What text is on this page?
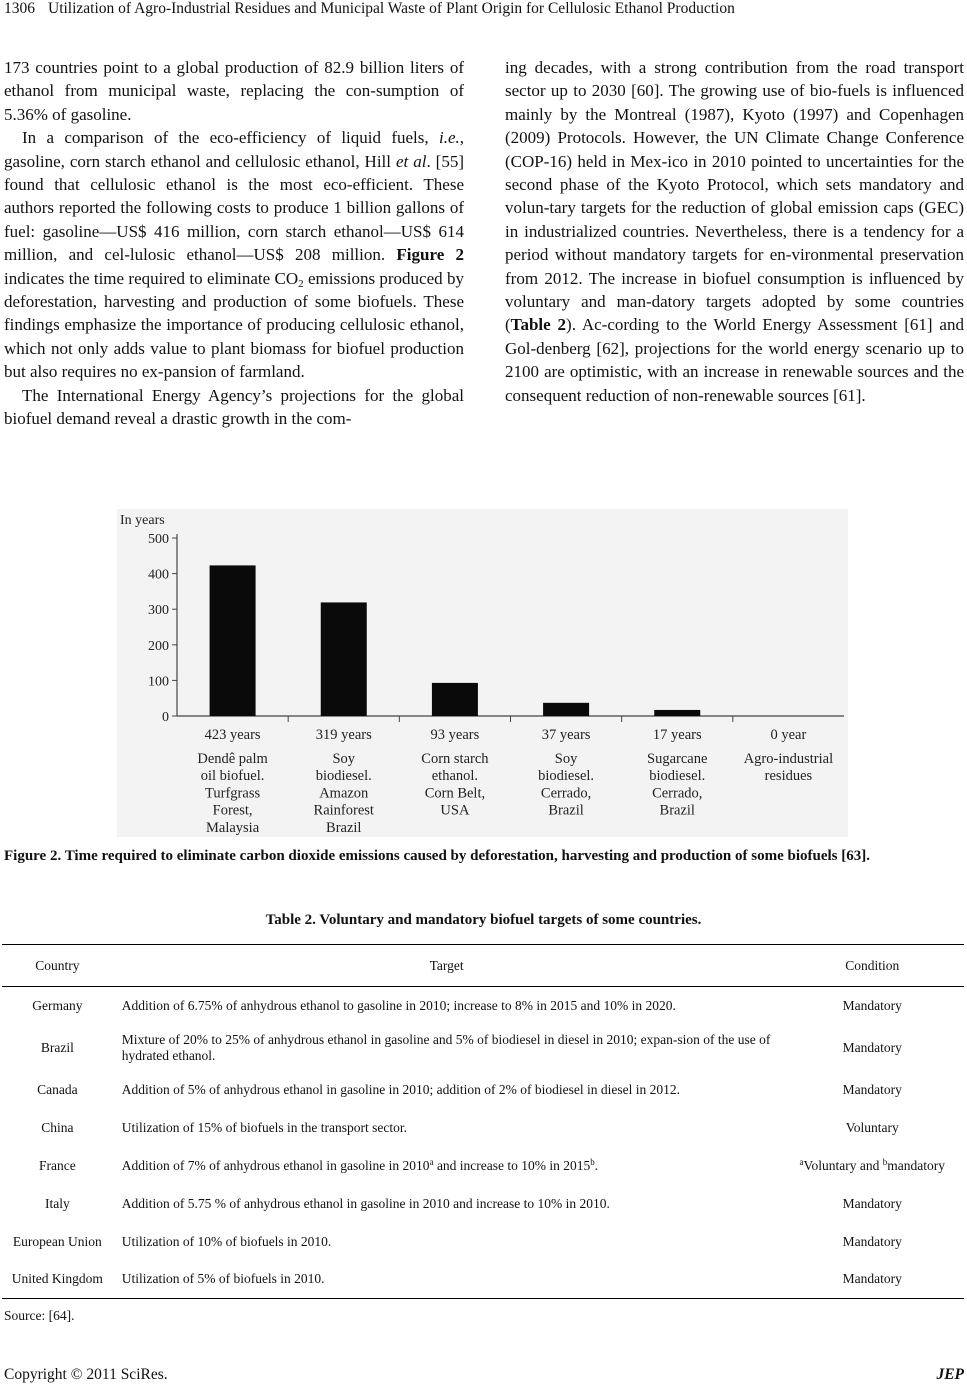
1306 Utilization of Agro-Industrial Residues and Municipal Waste of Plant Origin for Cellulosic Ethanol Production

173 countries point to a global production of 82.9 billion liters of ethanol from municipal waste, replacing the con-sumption of 5.36% of gasoline.

In a comparison of the eco-efficiency of liquid fuels, i.e., gasoline, corn starch ethanol and cellulosic ethanol, Hill et al. [55] found that cellulosic ethanol is the most eco-efficient. These authors reported the following costs to produce 1 billion gallons of fuel: gasoline—US$ 416 million, corn starch ethanol—US$ 614 million, and cel-lulosic ethanol—US$ 208 million. Figure 2 indicates the time required to eliminate $CO_2$ emissions produced by deforestation, harvesting and production of some biofuels. These findings emphasize the importance of producing cellulosic ethanol, which not only adds value to plant biomass for biofuel production but also requires no ex-pansion of farmland.

The International Energy Agency’s projections for the global biofuel demand reveal a drastic growth in the com-

ing decades, with a strong contribution from the road transport sector up to 2030 [60]. The growing use of bio-fuels is influenced mainly by the Montreal (1987), Kyoto (1997) and Copenhagen (2009) Protocols. However, the UN Climate Change Conference (COP-16) held in Mex-ico in 2010 pointed to uncertainties for the second phase of the Kyoto Protocol, which sets mandatory and volun-tary targets for the reduction of global emission caps (GEC) in industrialized countries. Nevertheless, there is a tendency for a period without mandatory targets for en-vironmental preservation from 2012. The increase in biofuel consumption is influenced by voluntary and man-datory targets adopted by some countries (Table 2). Ac-cording to the World Energy Assessment [61] and Gol-denberg [62], projections for the world energy scenario up to 2100 are optimistic, with an increase in renewable sources and the consequent reduction of non-renewable sources [61].

In years
0
100
200
300
400
500
423 years
Dendê palm
oil biofuel.
Turfgrass
Forest,
Malaysia
319 years
Soy
biodiesel.
Amazon
Rainforest
Brazil
93 years
Corn starch
ethanol.
Corn Belt,
USA
37 years
Soy
biodiesel.
Cerrado,
Brazil
17 years
Sugarcane
biodiesel.
Cerrado,
Brazil
0 year
Agro-industrial
residues
Figure 2. Time required to eliminate carbon dioxide emissions caused by deforestation, harvesting and production of some biofuels [63].
Table 2. Voluntary and mandatory biofuel targets of some countries.
Country	Target	Condition
Germany	Addition of 6.75% of anhydrous ethanol to gasoline in 2010; increase to 8% in 2015 and 10% in 2020.	Mandatory
Brazil	Mixture of 20% to 25% of anhydrous ethanol in gasoline and 5% of biodiesel in diesel in 2010; expan-sion of the use of hydrated ethanol.	Mandatory
Canada	Addition of 5% of anhydrous ethanol in gasoline in 2010; addition of 2% of biodiesel in diesel in 2012.	Mandatory
China	Utilization of 15% of biofuels in the transport sector.	Voluntary
France	Addition of 7% of anhydrous ethanol in gasoline in 2010$^a$ and increase to 10% in 2015$^b$.	$^a$Voluntary and $^b$mandatory
Italy	Addition of 5.75 % of anhydrous ethanol in gasoline in 2010 and increase to 10% in 2010.	Mandatory
European Union	Utilization of 10% of biofuels in 2010.	Mandatory
United Kingdom	Utilization of 5% of biofuels in 2010.	Mandatory
Source: [64].
Copyright © 2011 SciRes.	JEP
